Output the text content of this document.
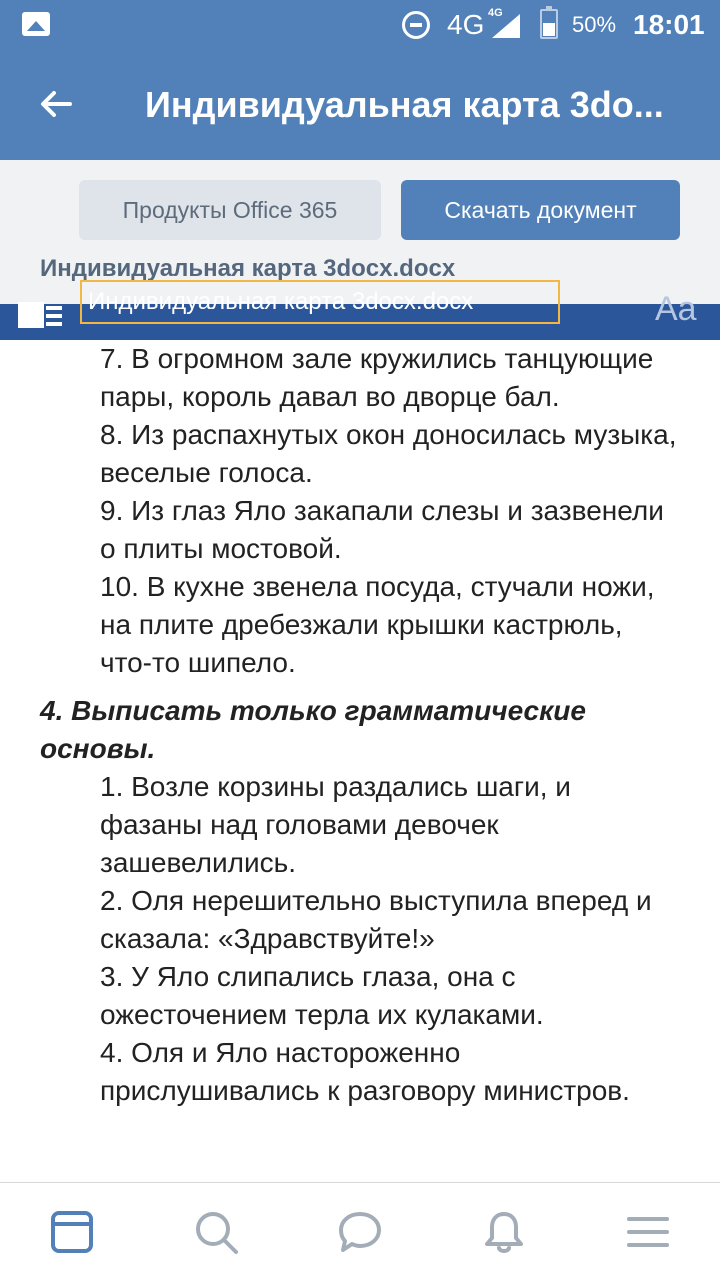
4G 4G	50% 18:01
Индивидуальная карта 3do...
Продукты Office 365	Скачать документ
Индивидуальная карта 3docx.docx
Индивидуальная карта 3docx.docx	Aa

7. В огромном зале кружились танцующие пары, король давал во дворце бал.

8. Из распахнутых окон доносилась музыка, веселые голоса.

9. Из глаз Яло закапали слезы и зазвенели о плиты мостовой.

10. В кухне звенела посуда, стучали ножи, на плите дребезжали крышки кастрюль, что-то шипело.

4. Выписать только грамматические основы.

1. Возле корзины раздались шаги, и фазаны над головами девочек зашевелились.

2. Оля нерешительно выступила вперед и сказала: «Здравствуйте!»

3. У Яло слипались глаза, она с ожесточением терла их кулаками.

4. Оля и Яло настороженно прислушивались к разговору министров.
